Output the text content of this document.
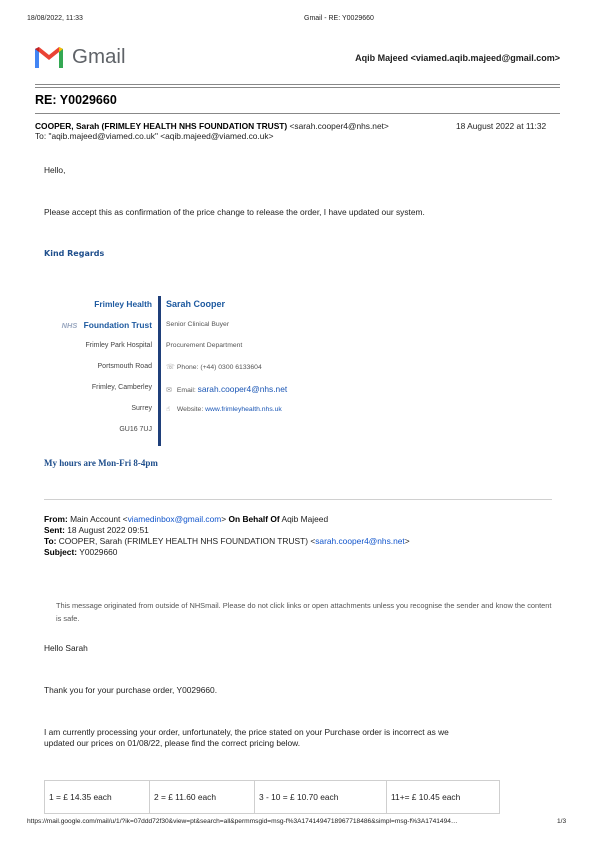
18/08/2022, 11:33	Gmail - RE: Y0029660
Gmail	Aqib Majeed <viamed.aqib.majeed@gmail.com>
RE: Y0029660
COOPER, Sarah (FRIMLEY HEALTH NHS FOUNDATION TRUST) <sarah.cooper4@nhs.net>	18 August 2022 at 11:32
To: "aqib.majeed@viamed.co.uk" <aqib.majeed@viamed.co.uk>
Hello,
Please accept this as confirmation of the price change to release the order, I have updated our system.
Kind Regards
Frimley Health
NHS Foundation Trust
Frimley Park Hospital
Portsmouth Road
Frimley, Camberley
Surrey
GU16 7UJ
Sarah Cooper
Senior Clinical Buyer
Procurement Department
☏ Phone: (+44) 0300 6133604
✉ Email: sarah.cooper4@nhs.net
☝ Website: www.frimleyhealth.nhs.uk
My hours are Mon-Fri 8-4pm
From: Main Account <viamedinbox@gmail.com> On Behalf Of Aqib Majeed
Sent: 18 August 2022 09:51
To: COOPER, Sarah (FRIMLEY HEALTH NHS FOUNDATION TRUST) <sarah.cooper4@nhs.net>
Subject: Y0029660
This message originated from outside of NHSmail. Please do not click links or open attachments unless you recognise the sender and know the content is safe.
Hello Sarah
Thank you for your purchase order, Y0029660.
I am currently processing your order, unfortunately, the price stated on your Purchase order is incorrect as we
updated our prices on 01/08/22, please find the correct pricing below.
1 = £ 14.35 each	2 = £ 11.60 each	3 - 10 = £ 10.70 each	11+= £ 10.45 each
https://mail.google.com/mail/u/1/?ik=07ddd72f30&view=pt&search=all&permmsgid=msg-f%3A1741494718967718486&simpl=msg-f%3A1741494…	1/3
